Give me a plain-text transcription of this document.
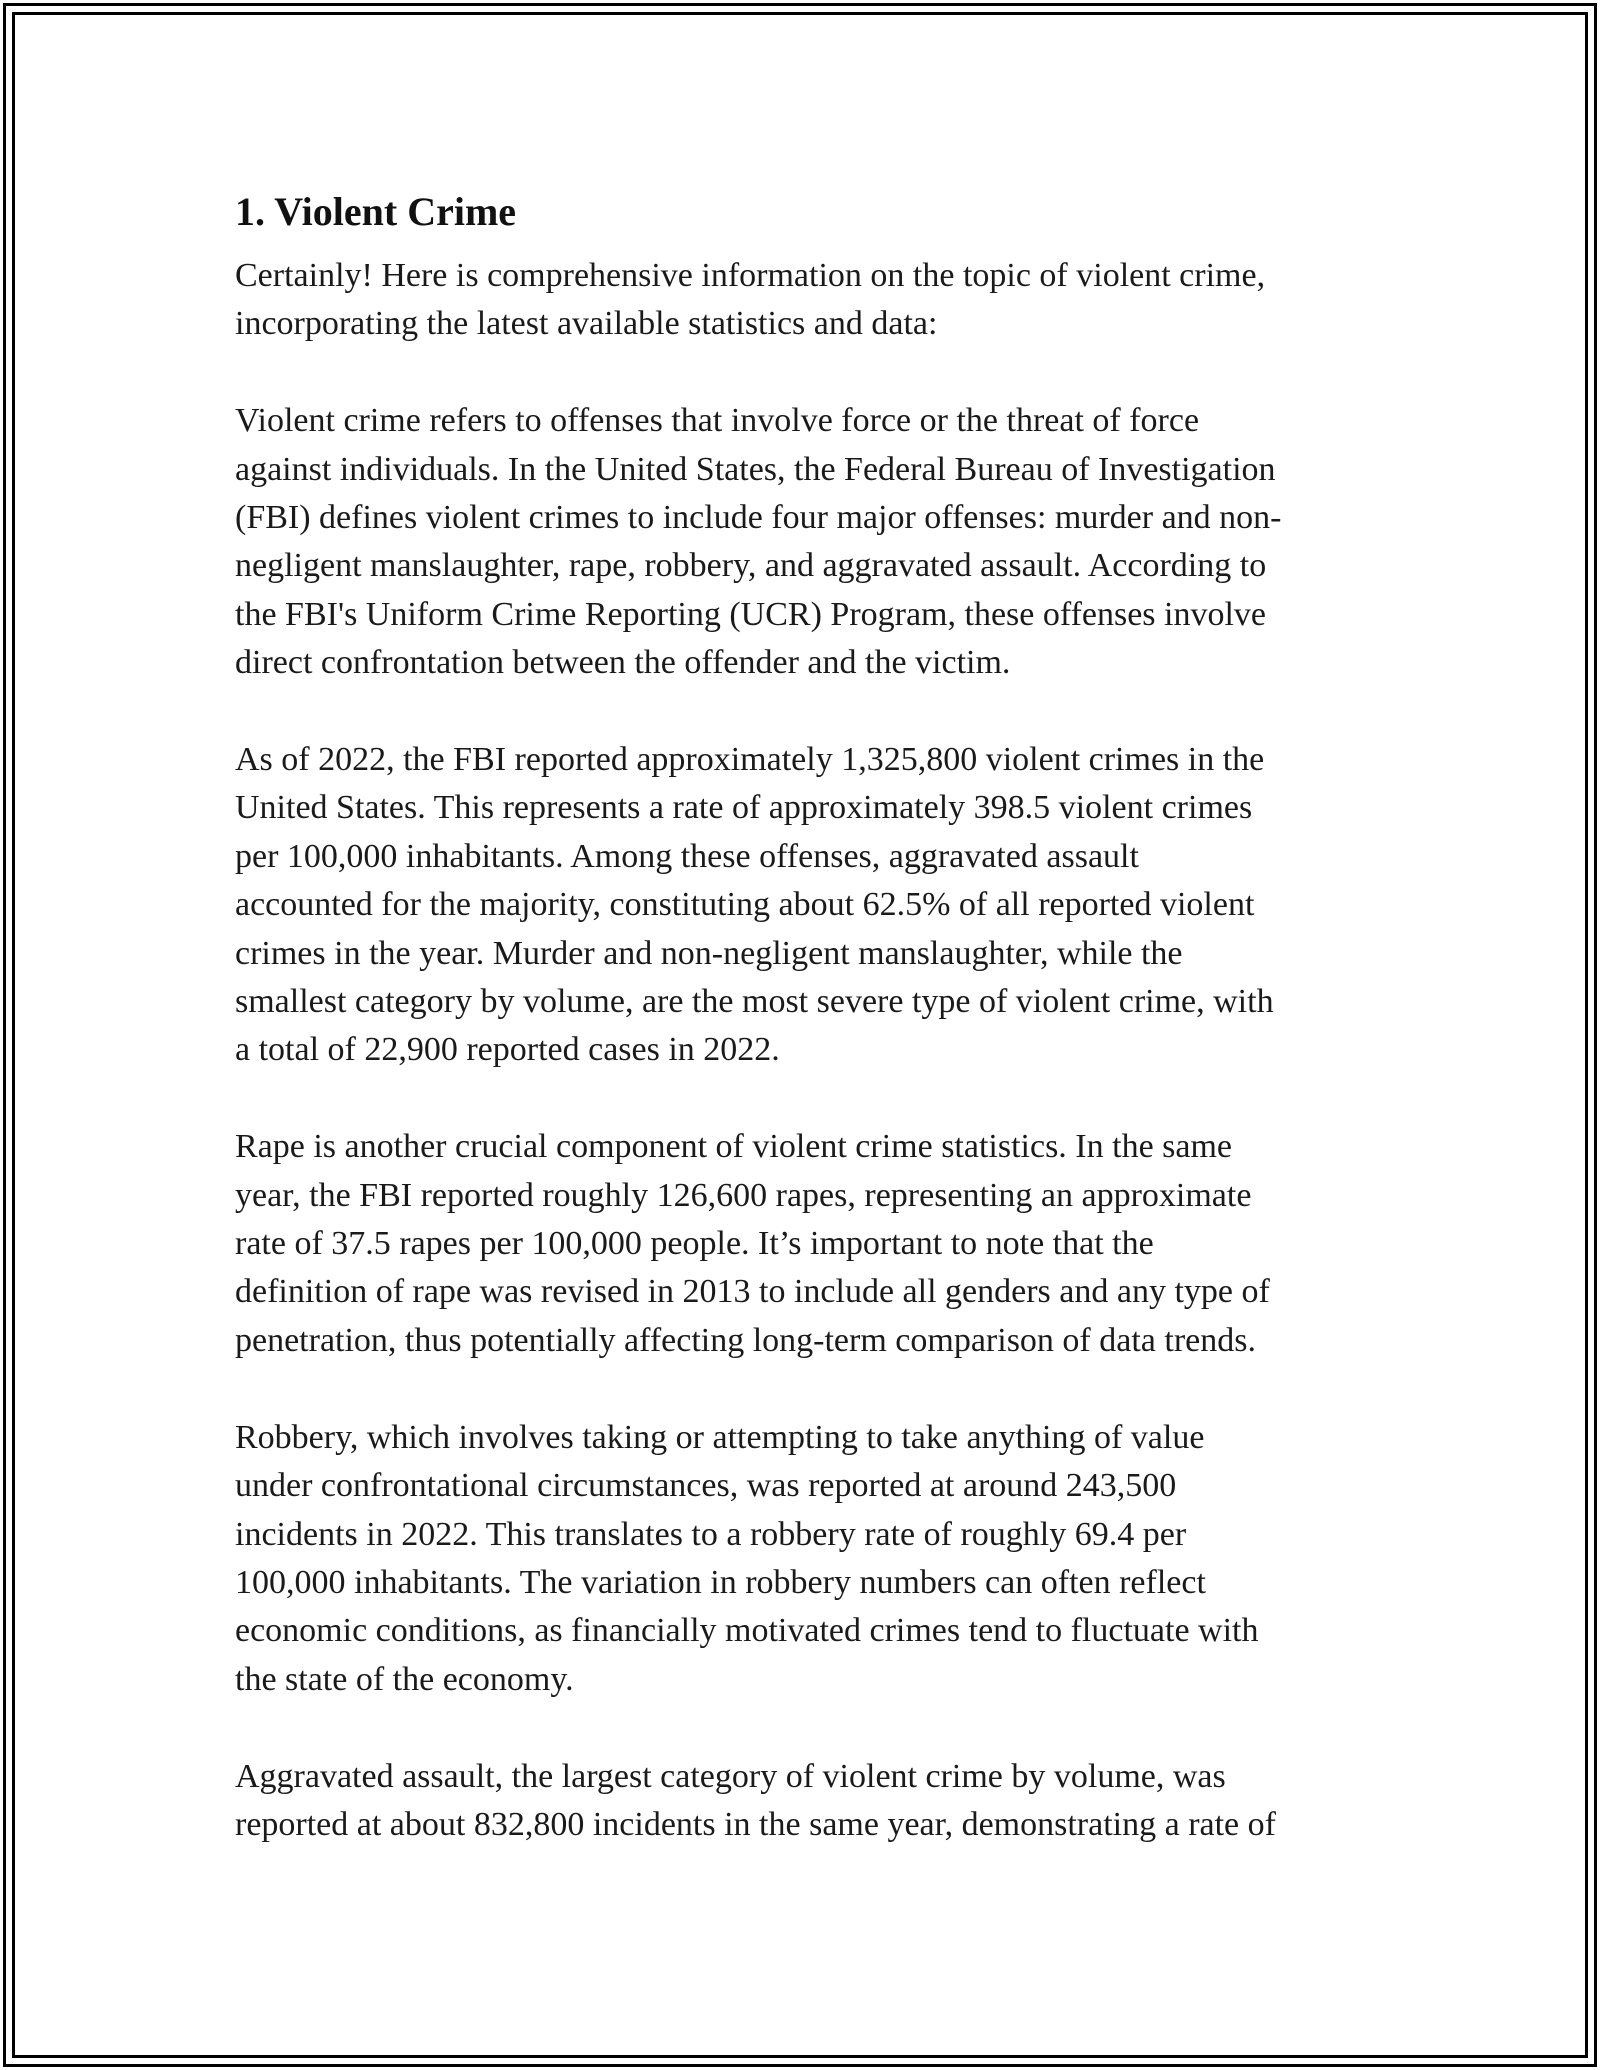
1. Violent Crime

Certainly! Here is comprehensive information on the topic of violent crime,
incorporating the latest available statistics and data:

Violent crime refers to offenses that involve force or the threat of force
against individuals. In the United States, the Federal Bureau of Investigation
(FBI) defines violent crimes to include four major offenses: murder and non-
negligent manslaughter, rape, robbery, and aggravated assault. According to
the FBI's Uniform Crime Reporting (UCR) Program, these offenses involve
direct confrontation between the offender and the victim.

As of 2022, the FBI reported approximately 1,325,800 violent crimes in the
United States. This represents a rate of approximately 398.5 violent crimes
per 100,000 inhabitants. Among these offenses, aggravated assault
accounted for the majority, constituting about 62.5% of all reported violent
crimes in the year. Murder and non-negligent manslaughter, while the
smallest category by volume, are the most severe type of violent crime, with
a total of 22,900 reported cases in 2022.

Rape is another crucial component of violent crime statistics. In the same
year, the FBI reported roughly 126,600 rapes, representing an approximate
rate of 37.5 rapes per 100,000 people. It’s important to note that the
definition of rape was revised in 2013 to include all genders and any type of
penetration, thus potentially affecting long-term comparison of data trends.

Robbery, which involves taking or attempting to take anything of value
under confrontational circumstances, was reported at around 243,500
incidents in 2022. This translates to a robbery rate of roughly 69.4 per
100,000 inhabitants. The variation in robbery numbers can often reflect
economic conditions, as financially motivated crimes tend to fluctuate with
the state of the economy.

Aggravated assault, the largest category of violent crime by volume, was
reported at about 832,800 incidents in the same year, demonstrating a rate of
